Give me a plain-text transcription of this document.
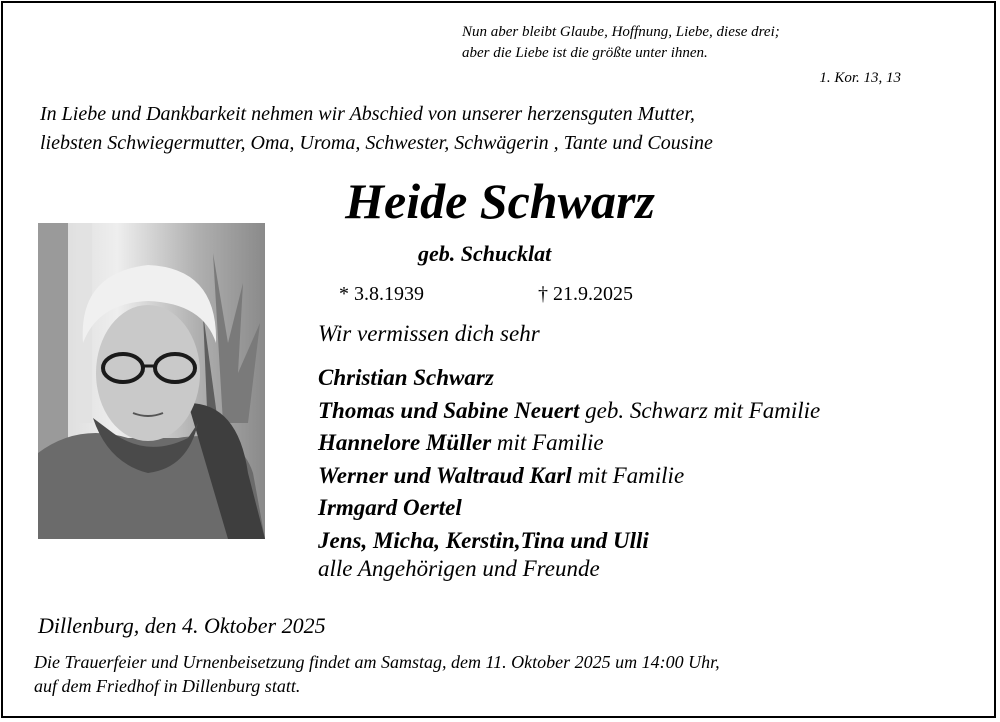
Nun aber bleibt Glaube, Hoffnung, Liebe, diese drei;
aber die Liebe ist die größte unter ihnen.
1. Kor. 13, 13
In Liebe und Dankbarkeit nehmen wir Abschied von unserer herzensguten Mutter,
liebsten Schwiegermutter, Oma, Uroma, Schwester, Schwägerin , Tante und Cousine
Heide Schwarz
geb. Schucklat
* 3.8.1939	† 21.9.2025
Wir vermissen dich sehr
Christian Schwarz
Thomas und Sabine Neuert geb. Schwarz mit Familie
Hannelore Müller mit Familie
Werner und Waltraud Karl mit Familie
Irmgard Oertel
Jens, Micha, Kerstin,Tina und Ulli
alle Angehörigen und Freunde
Dillenburg, den 4. Oktober 2025
Die Trauerfeier und Urnenbeisetzung findet am Samstag, dem 11. Oktober 2025 um 14:00 Uhr,
auf dem Friedhof in Dillenburg statt.
